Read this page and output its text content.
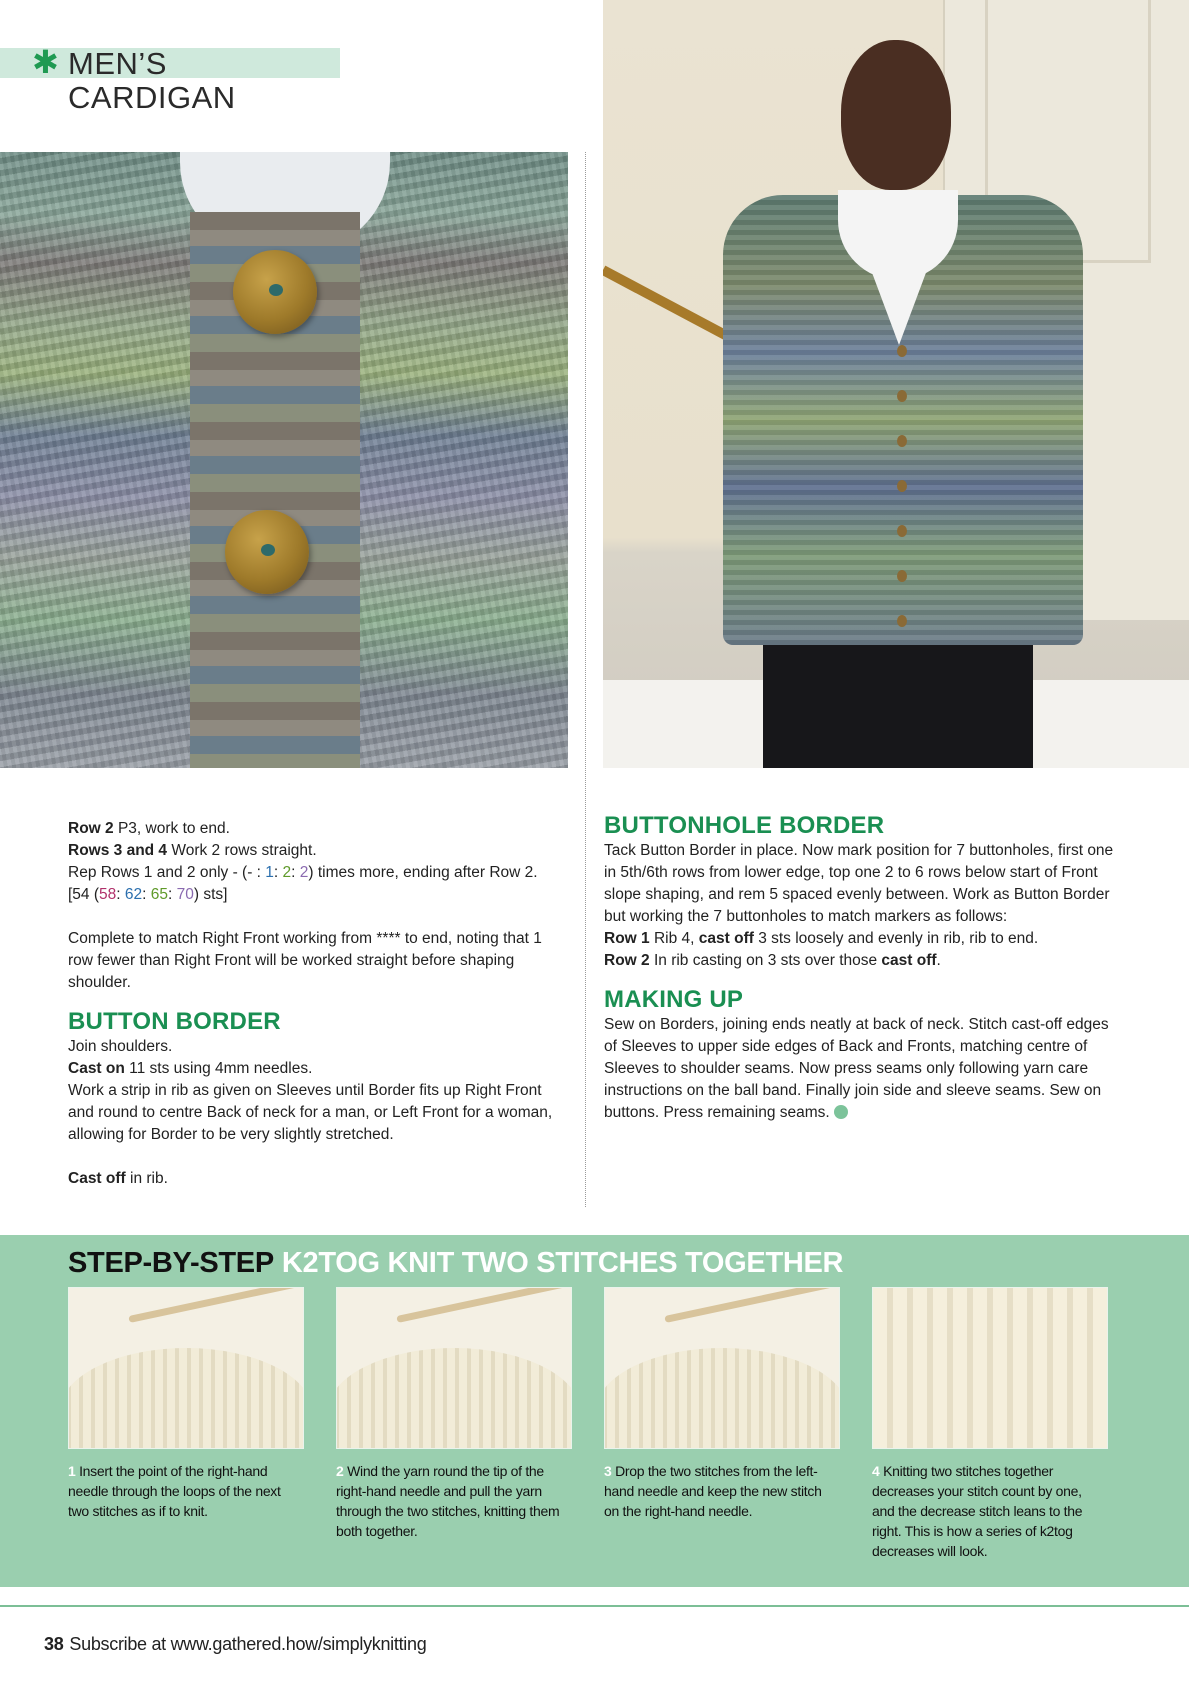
✱ MEN’S CARDIGAN

Row 2 P3, work to end.

Rows 3 and 4 Work 2 rows straight.

Rep Rows 1 and 2 only - (- : 1: 2: 2) times more, ending after Row 2.

[54 (58: 62: 65: 70) sts]

Complete to match Right Front working from **** to end, noting that 1 row fewer than Right Front will be worked straight before shaping shoulder.

BUTTON BORDER

Join shoulders.

Cast on 11 sts using 4mm needles.

Work a strip in rib as given on Sleeves until Border fits up Right Front and round to centre Back of neck for a man, or Left Front for a woman, allowing for Border to be very slightly stretched.

Cast off in rib.

BUTTONHOLE BORDER

Tack Button Border in place. Now mark position for 7 buttonholes, first one in 5th/6th rows from lower edge, top one 2 to 6 rows below start of Front slope shaping, and rem 5 spaced evenly between. Work as Button Border but working the 7 buttonholes to match markers as follows:

Row 1 Rib 4, cast off 3 sts loosely and evenly in rib, rib to end.

Row 2 In rib casting on 3 sts over those cast off.

MAKING UP

Sew on Borders, joining ends neatly at back of neck. Stitch cast-off edges of Sleeves to upper side edges of Back and Fronts, matching centre of Sleeves to shoulder seams. Now press seams only following yarn care instructions on the ball band. Finally join side and sleeve seams. Sew on buttons. Press remaining seams.

STEP-BY-STEP K2TOG KNIT TWO STITCHES TOGETHER
1 Insert the point of the right-hand needle through the loops of the next two stitches as if to knit.
2 Wind the yarn round the tip of the right-hand needle and pull the yarn through the two stitches, knitting them both together.
3 Drop the two stitches from the left-hand needle and keep the new stitch on the right-hand needle.
4 Knitting two stitches together decreases your stitch count by one, and the decrease stitch leans to the right. This is how a series of k2tog decreases will look.
38 Subscribe at www.gathered.how/simplyknitting
